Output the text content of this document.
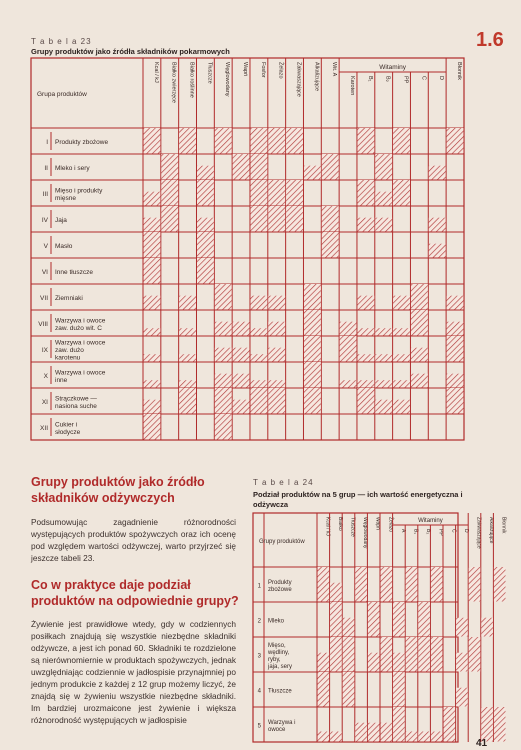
T a b e l a 23
Grupy produktów jako źródła składników pokarmowych
1.6
Grupa produktów
Witaminy
Kcal / kJ Białko zwierzęce Białko roślinne Tłuszcze Węglowodany Wapń Fosfor Żelazo Zakwaszające Alkalizujące Wit. A
Karoten B₁ B₂ PP C D Błonnik
I Produkty zbożowe
II Mleko i sery
III
Mięso i produkty
mięsne
IV Jaja
V Masło
VI Inne tłuszcze
VII Ziemniaki
VIII
Warzywa i owoce
zaw. dużo wit. C
IX
Warzywa i owoce
zaw. dużo
karotenu
X
Warzywa i owoce
inne
XI
Strączkowe —
nasiona suche
XII
Cukier i
słodycze
Grupy produktów jako źródło składników odżywczych
Podsumowując zagadnienie różnorodności występujących produktów spożywczych oraz ich ocenę pod względem wartości odżywczej, warto przyjrzeć się jeszcze tabeli 23.
Co w praktyce daje podział produktów na odpowiednie grupy?
Żywienie jest prawidłowe wtedy, gdy w codziennych posiłkach znajdują się wszystkie niezbędne składniki odżywcze, a jest ich ponad 60. Składniki te rozdzielone są nierównomiernie w produktach spożywczych, jednak uwzględniając codziennie w jadłospisie przynajmniej po jednym produkcie z każdej z 12 grup możemy liczyć, że znajdą się w żywieniu wszystkie niezbędne składniki. Im bardziej urozmaicone jest żywienie i większa różnorodność występujących w jadłospisie
T a b e l a 24
Podział produktów na 5 grup — ich wartość energetyczna i odżywcza
Grupy produktów
Witaminy
Kcal / kJ Białko Tłuszcze Węglowodany Wapń Żelazo A B₁ B₂ PP C D Zakwaszające Alkalizujące Błonnik
1
Produkty
zbożowe
2 Mleko
3
Mięso,
wędliny,
ryby,
jaja, sery
4 Tłuszcze
5
Warzywa i
owoce
41
